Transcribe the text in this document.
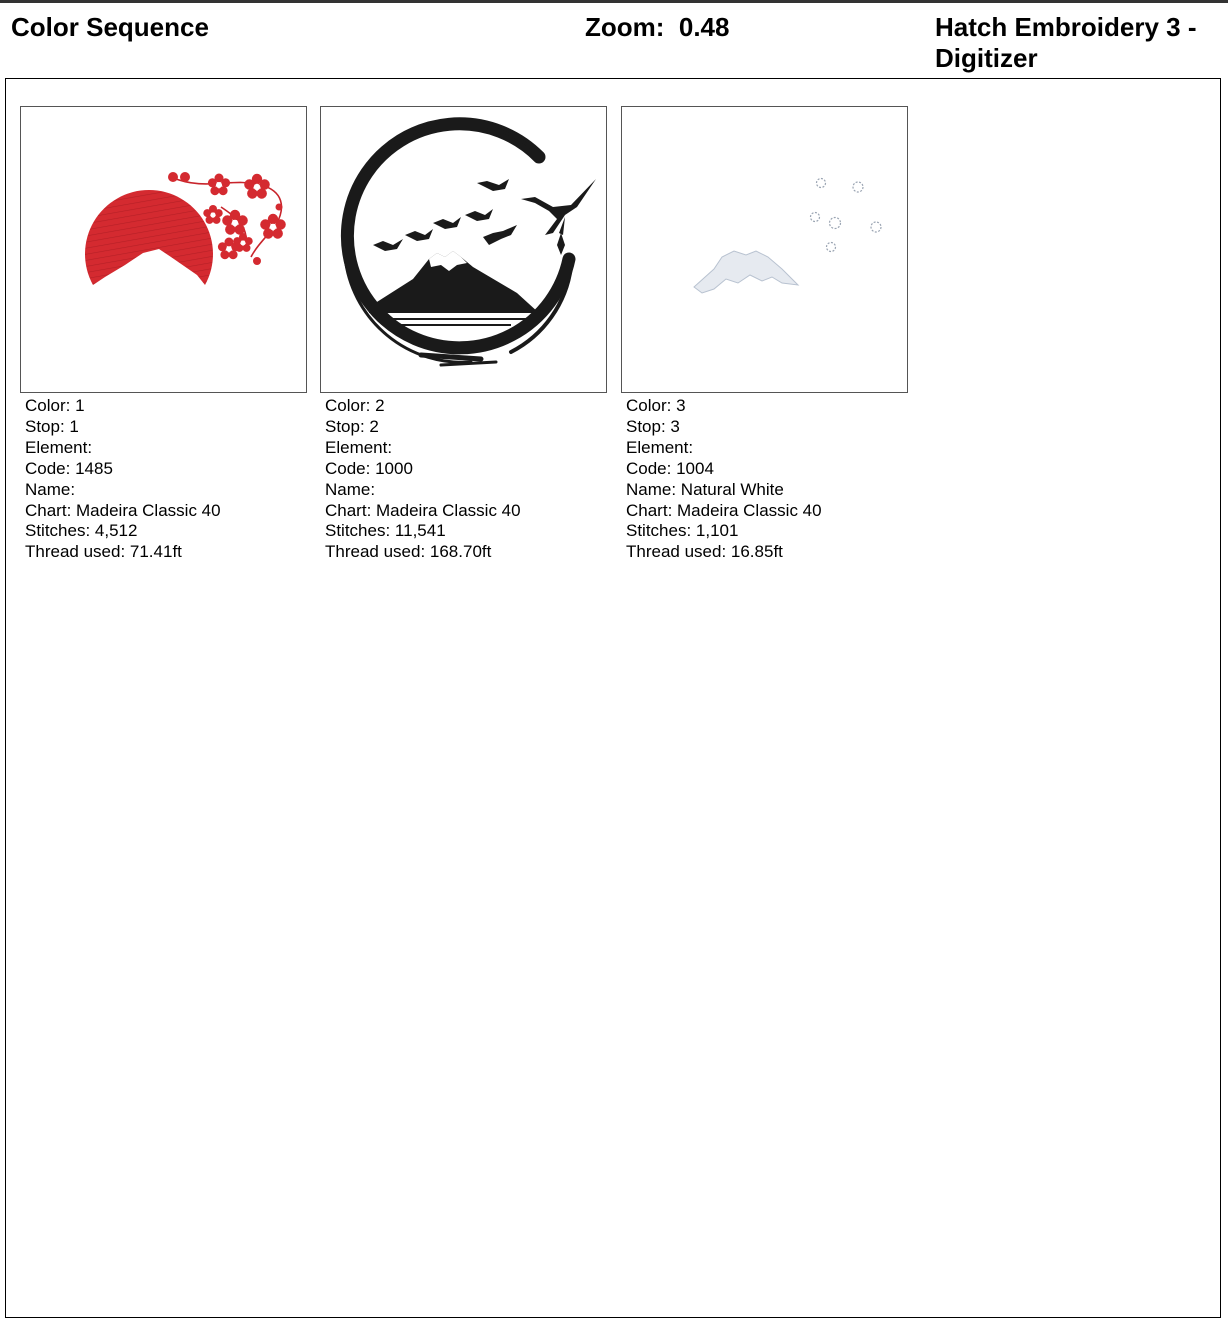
Color Sequence	Zoom:  0.48	Hatch Embroidery 3 - Digitizer
Color: 1
Stop: 1
Element:
Code: 1485
Name:
Chart: Madeira Classic 40
Stitches: 4,512
Thread used: 71.41ft
Color: 2
Stop: 2
Element:
Code: 1000
Name:
Chart: Madeira Classic 40
Stitches: 11,541
Thread used: 168.70ft
Color: 3
Stop: 3
Element:
Code: 1004
Name: Natural White
Chart: Madeira Classic 40
Stitches: 1,101
Thread used: 16.85ft
